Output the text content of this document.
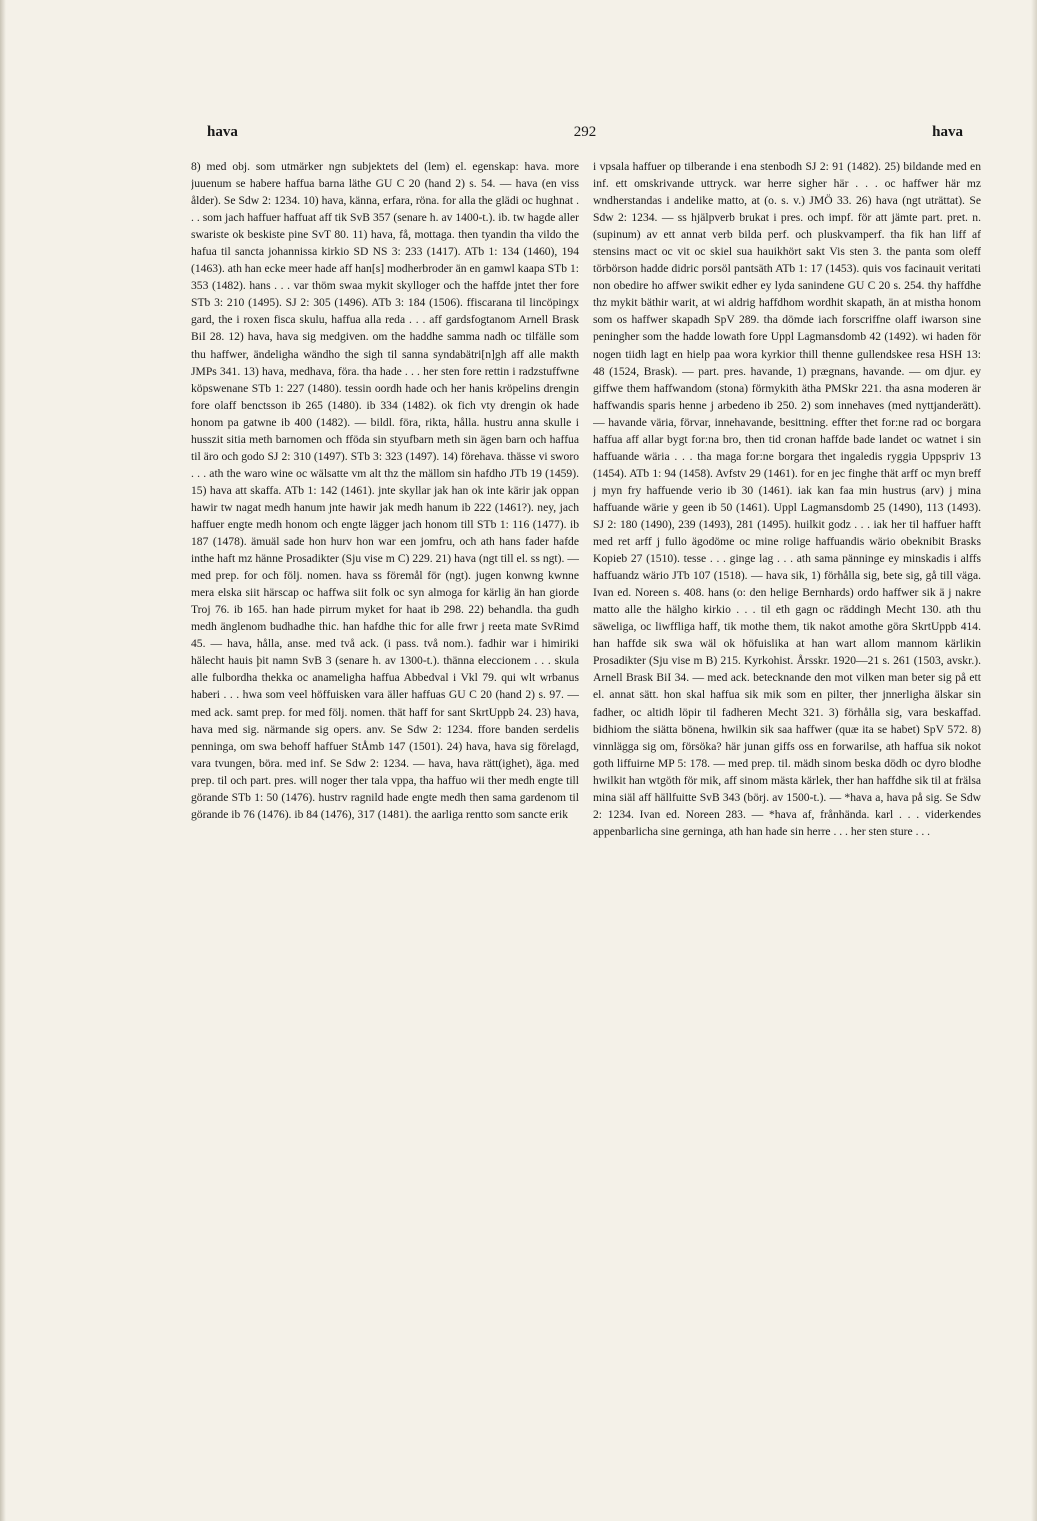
hava	292	hava

8) med obj. som utmärker ngn subjektets del (lem) el. egenskap: hava. more juuenum se habere haffua barna läthe GU C 20 (hand 2) s. 54. — hava (en viss ålder). Se Sdw 2: 1234. 10) hava, känna, erfara, röna. for alla the glädi oc hughnat . . . som jach haffuer haffuat aff tik SvB 357 (senare h. av 1400-t.). ib. tw hagde aller swariste ok beskiste pine SvT 80. 11) hava, få, mottaga. then tyandin tha vildo the hafua til sancta johannissa kirkio SD NS 3: 233 (1417). ATb 1: 134 (1460), 194 (1463). ath han ecke meer hade aff han[s] modherbroder än en gamwl kaapa STb 1: 353 (1482). hans . . . var thöm swaa mykit skylloger och the haffde jntet ther fore STb 3: 210 (1495). SJ 2: 305 (1496). ATb 3: 184 (1506). ffiscarana til lincöpingx gard, the i roxen fisca skulu, haffua alla reda . . . aff gardsfogtanom Arnell Brask BiI 28. 12) hava, hava sig medgiven. om the haddhe samma nadh oc tilfälle som thu haffwer, ändeligha wändho the sigh til sanna syndabätri[n]gh aff alle makth JMPs 341. 13) hava, medhava, föra. tha hade . . . her sten fore rettin i radzstuffwne köpswenane STb 1: 227 (1480). tessin oordh hade och her hanis kröpelins drengin fore olaff benctsson ib 265 (1480). ib 334 (1482). ok fich vty drengin ok hade honom pa gatwne ib 400 (1482). — bildl. föra, rikta, hålla. hustru anna skulle i husszit sitia meth barnomen och fföda sin styufbarn meth sin ägen barn och haffua til äro och godo SJ 2: 310 (1497). STb 3: 323 (1497). 14) förehava. thässe vi sworo . . . ath the waro wine oc wälsatte vm alt thz the mällom sin hafdho JTb 19 (1459). 15) hava att skaffa. ATb 1: 142 (1461). jnte skyllar jak han ok inte kärir jak oppan hawir tw nagat medh hanum jnte hawir jak medh hanum ib 222 (1461?). ney, jach haffuer engte medh honom och engte lägger jach honom till STb 1: 116 (1477). ib 187 (1478). ämuäl sade hon hurv hon war een jomfru, och ath hans fader hafde inthe haft mz hänne Prosadikter (Sju vise m C) 229. 21) hava (ngt till el. ss ngt). — med prep. for och följ. nomen. hava ss föremål för (ngt). jugen konwng kwnne mera elska siit härscap oc haffwa siit folk oc syn almoga for kärlig än han giorde Troj 76. ib 165. han hade pirrum myket for haat ib 298. 22) behandla. tha gudh medh änglenom budhadhe thic. han hafdhe thic for alle frwr j reeta mate SvRimd 45. — hava, hålla, anse. med två ack. (i pass. två nom.). fadhir war i himiriki hälecht hauis þit namn SvB 3 (senare h. av 1300-t.). thänna eleccionem . . . skula alle fulbordha thekka oc anameligha haffua Abbedval i Vkl 79. qui wlt wrbanus haberi . . . hwa som veel höffuisken vara äller haffuas GU C 20 (hand 2) s. 97. — med ack. samt prep. for med följ. nomen. thät haff for sant SkrtUppb 24. 23) hava, hava med sig. närmande sig opers. anv. Se Sdw 2: 1234. ffore banden serdelis penninga, om swa behoff haffuer StÅmb 147 (1501). 24) hava, hava sig förelagd, vara tvungen, böra. med inf. Se Sdw 2: 1234. — hava, hava rätt(ighet), äga. med prep. til och part. pres. will noger ther tala vppa, tha haffuo wii ther medh engte till görande STb 1: 50 (1476). hustrv ragnild hade engte medh then sama gardenom til görande ib 76 (1476). ib 84 (1476), 317 (1481). the aarliga rentto som sancte erik

i vpsala haffuer op tilberande i ena stenbodh SJ 2: 91 (1482). 25) bildande med en inf. ett omskrivande uttryck. war herre sigher här . . . oc haffwer här mz wndherstandas i andelike matto, at (o. s. v.) JMÖ 33. 26) hava (ngt uträttat). Se Sdw 2: 1234. — ss hjälpverb brukat i pres. och impf. för att jämte part. pret. n. (supinum) av ett annat verb bilda perf. och pluskvamperf. tha fik han liff af stensins mact oc vit oc skiel sua hauikhört sakt Vis sten 3. the panta som oleff törbörson hadde didric porsöl pantsäth ATb 1: 17 (1453). quis vos facinauit veritati non obedire ho affwer swikit edher ey lyda sanindene GU C 20 s. 254. thy haffdhe thz mykit bäthir warit, at wi aldrig haffdhom wordhit skapath, än at mistha honom som os haffwer skapadh SpV 289. tha dömde iach forscriffne olaff iwarson sine peningher som the hadde lowath fore Uppl Lagmansdomb 42 (1492). wi haden för nogen tiidh lagt en hielp paa wora kyrkior thill thenne gullendskee resa HSH 13: 48 (1524, Brask). — part. pres. havande, 1) prægnans, havande. — om djur. ey giffwe them haffwandom (stona) förmykith ätha PMSkr 221. tha asna moderen är haffwandis sparis henne j arbedeno ib 250. 2) som innehaves (med nyttjanderätt). — havande väria, förvar, innehavande, besittning. effter thet for:ne rad oc borgara haffua aff allar bygt for:na bro, then tid cronan haffde bade landet oc watnet i sin haffuande wäria . . . tha maga for:ne borgara thet ingaledis ryggia Uppspriv 13 (1454). ATb 1: 94 (1458). Avfstv 29 (1461). for en jec finghe thät arff oc myn breff j myn fry haffuende verio ib 30 (1461). iak kan faa min hustrus (arv) j mina haffuande wärie y geen ib 50 (1461). Uppl Lagmansdomb 25 (1490), 113 (1493). SJ 2: 180 (1490), 239 (1493), 281 (1495). huilkit godz . . . iak her til haffuer hafft med ret arff j fullo ägodöme oc mine rolige haffuandis wärio obeknibit Brasks Kopieb 27 (1510). tesse . . . ginge lag . . . ath sama pänninge ey minskadis i alffs haffuandz wärio JTb 107 (1518). — hava sik, 1) förhålla sig, bete sig, gå till väga. Ivan ed. Noreen s. 408. hans (o: den helige Bernhards) ordo haffwer sik ä j nakre matto alle the hälgho kirkio . . . til eth gagn oc räddingh Mecht 130. ath thu säweliga, oc liwffliga haff, tik mothe them, tik nakot amothe göra SkrtUppb 414. han haffde sik swa wäl ok höfuislika at han wart allom mannom kärlikin Prosadikter (Sju vise m B) 215. Kyrkohist. Årsskr. 1920—21 s. 261 (1503, avskr.). Arnell Brask BiI 34. — med ack. betecknande den mot vilken man beter sig på ett el. annat sätt. hon skal haffua sik mik som en pilter, ther jnnerligha älskar sin fadher, oc altidh löpir til fadheren Mecht 321. 3) förhålla sig, vara beskaffad. bidhiom the siätta bönena, hwilkin sik saa haffwer (quæ ita se habet) SpV 572. 8) vinnlägga sig om, försöka? här junan giffs oss en forwarilse, ath haffua sik nokot goth liffuirne MP 5: 178. — med prep. til. mädh sinom beska dödh oc dyro blodhe hwilkit han wtgöth för mik, aff sinom mästa kärlek, ther han haffdhe sik til at frälsa mina siäl aff hällfuitte SvB 343 (börj. av 1500-t.). — *hava a, hava på sig. Se Sdw 2: 1234. Ivan ed. Noreen 283. — *hava af, frånhända. karl . . . viderkendes appenbarlicha sine gerninga, ath han hade sin herre . . . her sten sture . . .
